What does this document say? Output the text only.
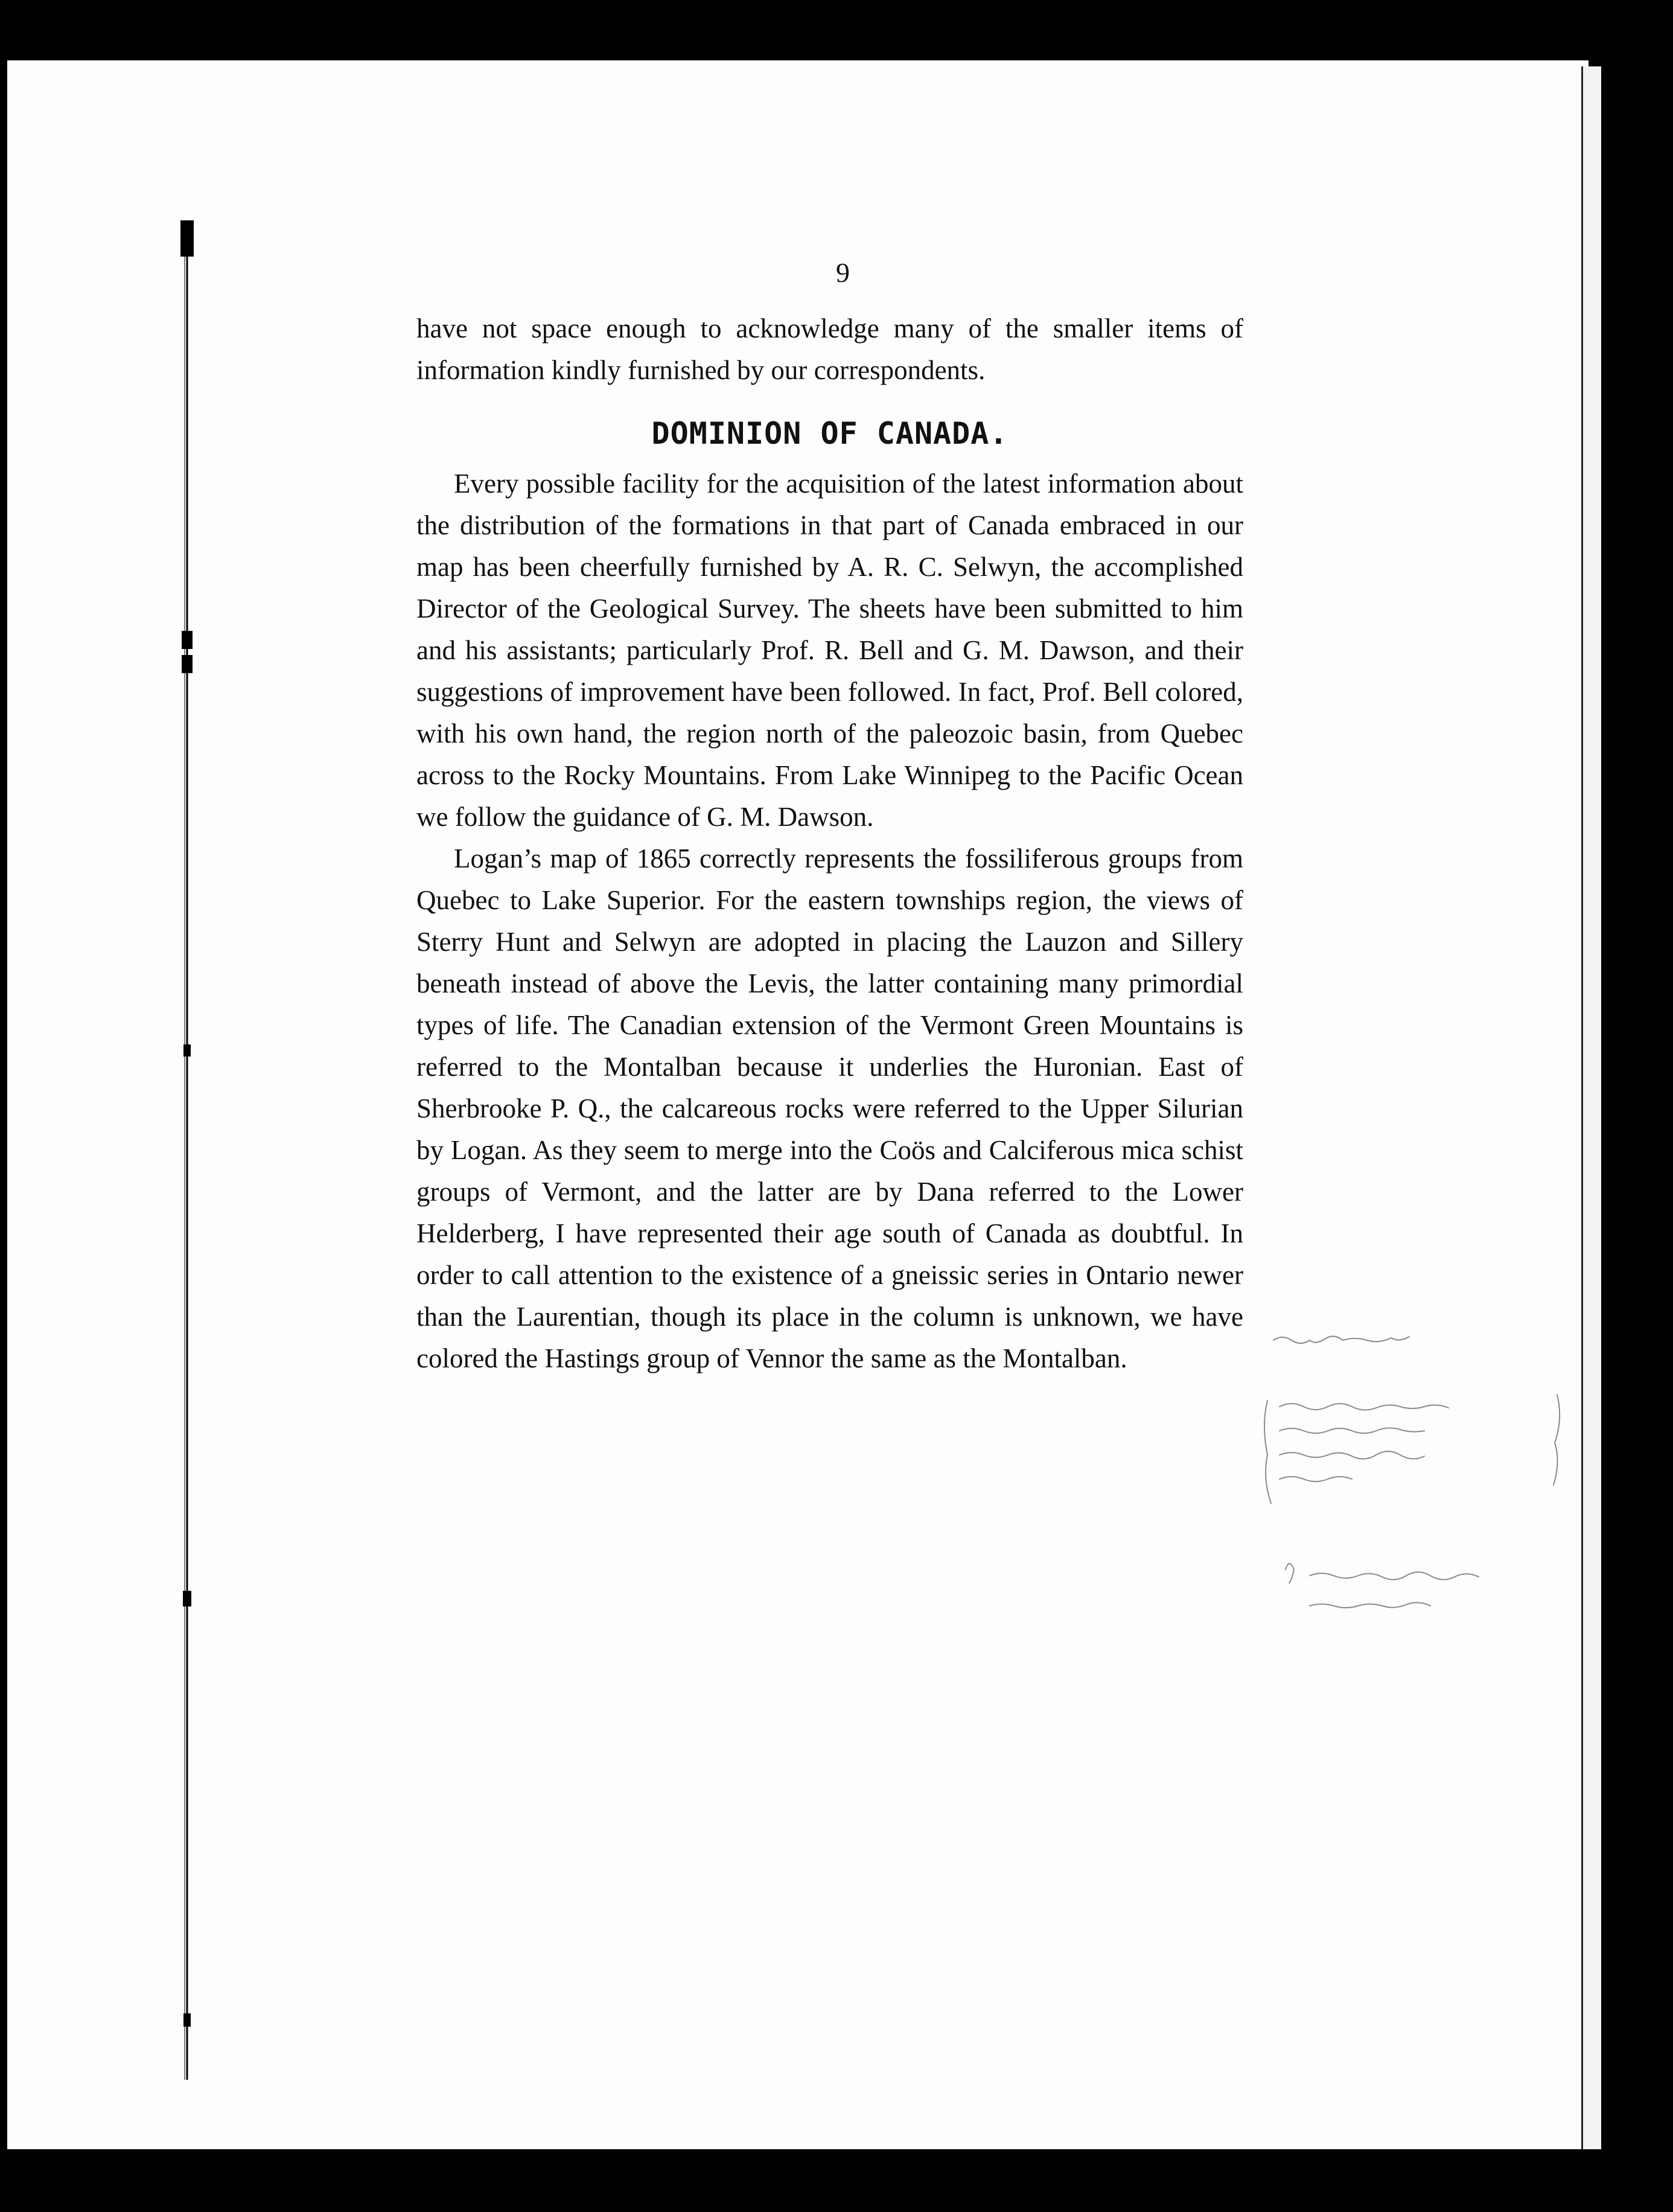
9

have not space enough to acknowledge many of the smaller items of information kindly furnished by our correspondents.

DOMINION OF CANADA.

Every possible facility for the acquisition of the latest information about the distribution of the formations in that part of Canada embraced in our map has been cheerfully furnished by A. R. C. Selwyn, the accomplished Director of the Geological Survey. The sheets have been submitted to him and his assistants; particularly Prof. R. Bell and G. M. Dawson, and their suggestions of improvement have been followed. In fact, Prof. Bell colored, with his own hand, the region north of the paleozoic basin, from Quebec across to the Rocky Mountains. From Lake Winnipeg to the Pacific Ocean we follow the guidance of G. M. Dawson.

Logan’s map of 1865 correctly represents the fossiliferous groups from Quebec to Lake Superior. For the eastern townships region, the views of Sterry Hunt and Selwyn are adopted in placing the Lauzon and Sillery beneath instead of above the Levis, the latter containing many primordial types of life. The Canadian extension of the Vermont Green Mountains is referred to the Montalban because it underlies the Huronian. East of Sherbrooke P. Q., the calcareous rocks were referred to the Upper Silurian by Logan. As they seem to merge into the Coös and Calciferous mica schist groups of Vermont, and the latter are by Dana referred to the Lower Helderberg, I have represented their age south of Canada as doubtful. In order to call attention to the existence of a gneissic series in Ontario newer than the Laurentian, though its place in the column is unknown, we have colored the Hastings group of Vennor the same as the Montalban.
